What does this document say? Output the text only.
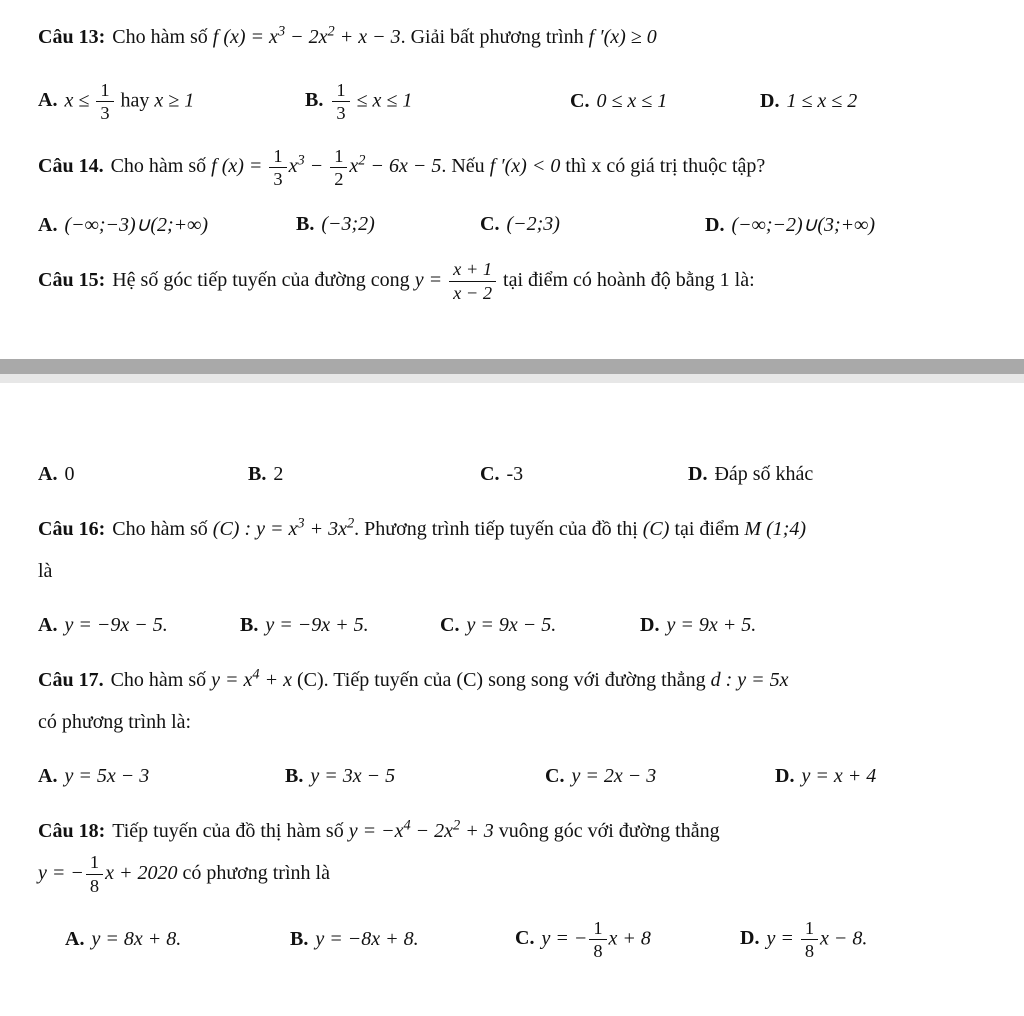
Câu 13: Cho hàm số f $(x) = x^3 - 2x^2 + x - 3$. Giải bất phương trình f ′(x) ≥ 0
A. $x \le \frac{1}{3}$ hay x ≥ 1	B. $\frac{1}{3} \le x \le 1$	C. 0 ≤ x ≤ 1	D. 1 ≤ x ≤ 2
Câu 14. Cho hàm số f $(x) = \frac{1}{3} x^3 - \frac{1}{2} x^2 - 6x - 5$. Nếu f ′(x) < 0 thì x có giá trị thuộc tập?
A. (−∞;−3)∪(2;+∞)	B. (−3;2)	C. (−2;3)	D. (−∞;−2)∪(3;+∞)
Câu 15: Hệ số góc tiếp tuyến của đường cong $y = \frac{x + 1}{x - 2}$ tại điểm có hoành độ bằng 1 là:
A. 0	B. 2	C. -3	D. Đáp số khác
Câu 16: Cho hàm số (C) : $y = x^3 + 3x^2$. Phương trình tiếp tuyến của đồ thị (C) tại điểm M (1;4)
là
A. y = −9x − 5.	B. y = −9x + 5.	C. y = 9x − 5.	D. y = 9x + 5.
Câu 17. Cho hàm số $y = x^4 + x$ (C). Tiếp tuyến của (C) song song với đường thẳng d : y = 5x
có phương trình là:
A. y = 5x − 3	B. y = 3x − 5	C. y = 2x − 3	D. y = x + 4
Câu 18: Tiếp tuyến của đồ thị hàm số $y = -x^4 - 2x^2 + 3$ vuông góc với đường thẳng
y = − $\frac{1}{8}$ x + 2020 có phương trình là
A. y = 8x + 8.	B. y = −8x + 8.	C. y = − $\frac{1}{8}$ x + 8	D. $y = \frac{1}{8}$ x − 8.
